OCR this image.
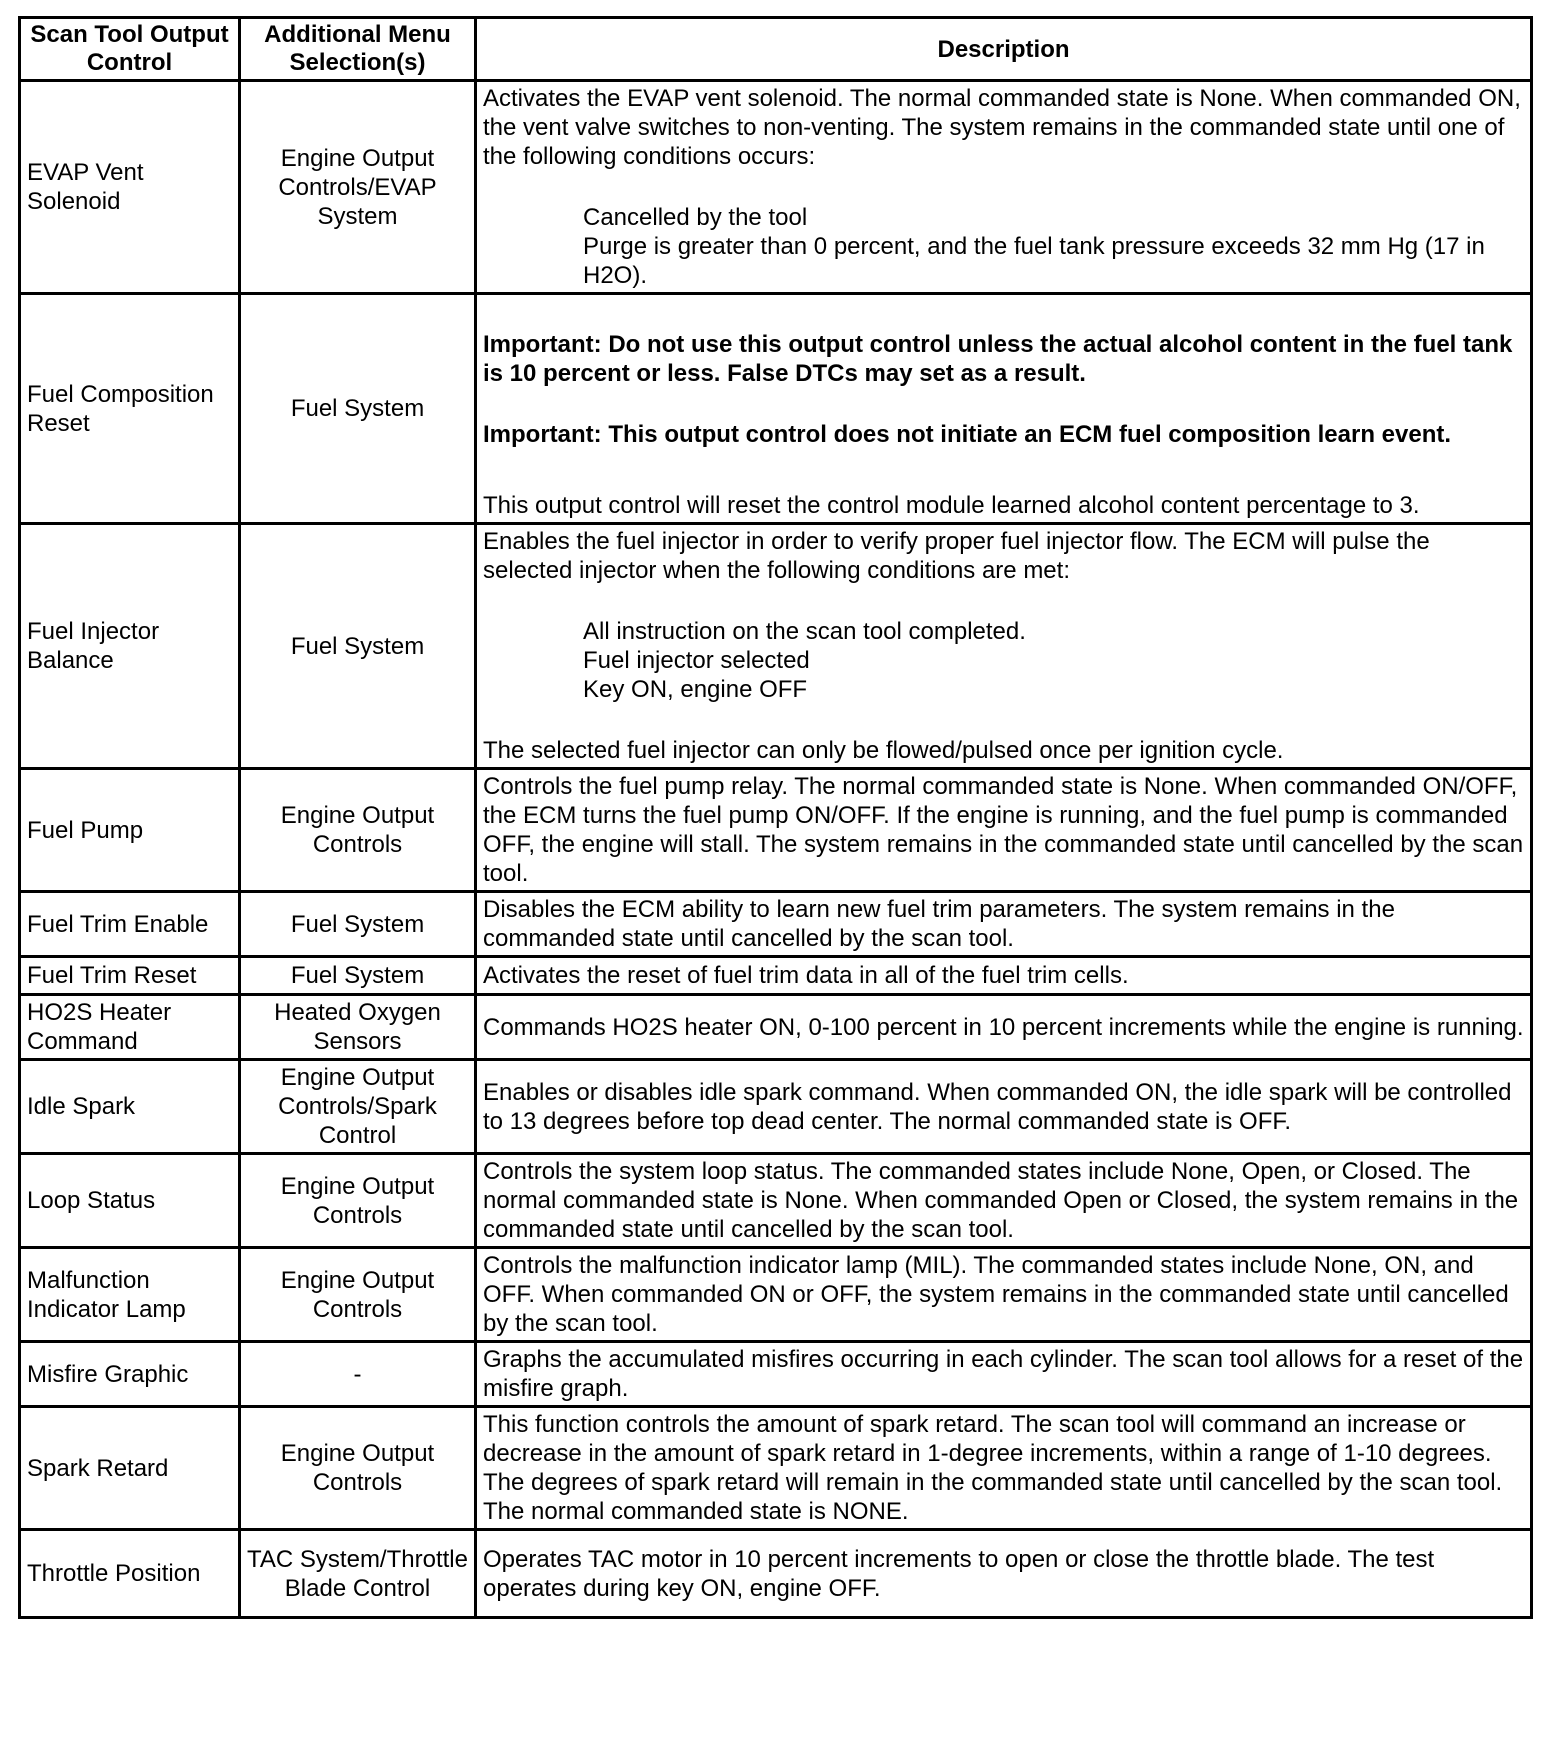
Scan Tool Output Control	Additional Menu Selection(s)	Description
EVAP Vent Solenoid	Engine Output Controls/EVAP System	Activates the EVAP vent solenoid. The normal commanded state is None. When commanded ON, the vent valve switches to non-venting. The system remains in the commanded state until one of the following conditions occurs:

Cancelled by the tool

Purge is greater than 0 percent, and the fuel tank pressure exceeds 32 mm Hg (17 in H2O).

Fuel Composition Reset	Fuel System	Important: Do not use this output control unless the actual alcohol content in the fuel tank is 10 percent or less. False DTCs may set as a result.

Important: This output control does not initiate an ECM fuel composition learn event.

This output control will reset the control module learned alcohol content percentage to 3.

Fuel Injector Balance	Fuel System	Enables the fuel injector in order to verify proper fuel injector flow. The ECM will pulse the selected injector when the following conditions are met:

All instruction on the scan tool completed.

Fuel injector selected

Key ON, engine OFF

The selected fuel injector can only be flowed/pulsed once per ignition cycle.

Fuel Pump	Engine Output Controls	Controls the fuel pump relay. The normal commanded state is None. When commanded ON/OFF, the ECM turns the fuel pump ON/OFF. If the engine is running, and the fuel pump is commanded OFF, the engine will stall. The system remains in the commanded state until cancelled by the scan tool.
Fuel Trim Enable	Fuel System	Disables the ECM ability to learn new fuel trim parameters. The system remains in the commanded state until cancelled by the scan tool.
Fuel Trim Reset	Fuel System	Activates the reset of fuel trim data in all of the fuel trim cells.
HO2S Heater Command	Heated Oxygen Sensors	Commands HO2S heater ON, 0-100 percent in 10 percent increments while the engine is running.
Idle Spark	Engine Output Controls/Spark Control	Enables or disables idle spark command. When commanded ON, the idle spark will be controlled to 13 degrees before top dead center. The normal commanded state is OFF.
Loop Status	Engine Output Controls	Controls the system loop status. The commanded states include None, Open, or Closed. The normal commanded state is None. When commanded Open or Closed, the system remains in the commanded state until cancelled by the scan tool.
Malfunction Indicator Lamp	Engine Output Controls	Controls the malfunction indicator lamp (MIL). The commanded states include None, ON, and OFF. When commanded ON or OFF, the system remains in the commanded state until cancelled by the scan tool.
Misfire Graphic	-	Graphs the accumulated misfires occurring in each cylinder. The scan tool allows for a reset of the misfire graph.
Spark Retard	Engine Output Controls	This function controls the amount of spark retard. The scan tool will command an increase or decrease in the amount of spark retard in 1-degree increments, within a range of 1-10 degrees. The degrees of spark retard will remain in the commanded state until cancelled by the scan tool. The normal commanded state is NONE.
Throttle Position	TAC System/Throttle Blade Control	Operates TAC motor in 10 percent increments to open or close the throttle blade. The test operates during key ON, engine OFF.
